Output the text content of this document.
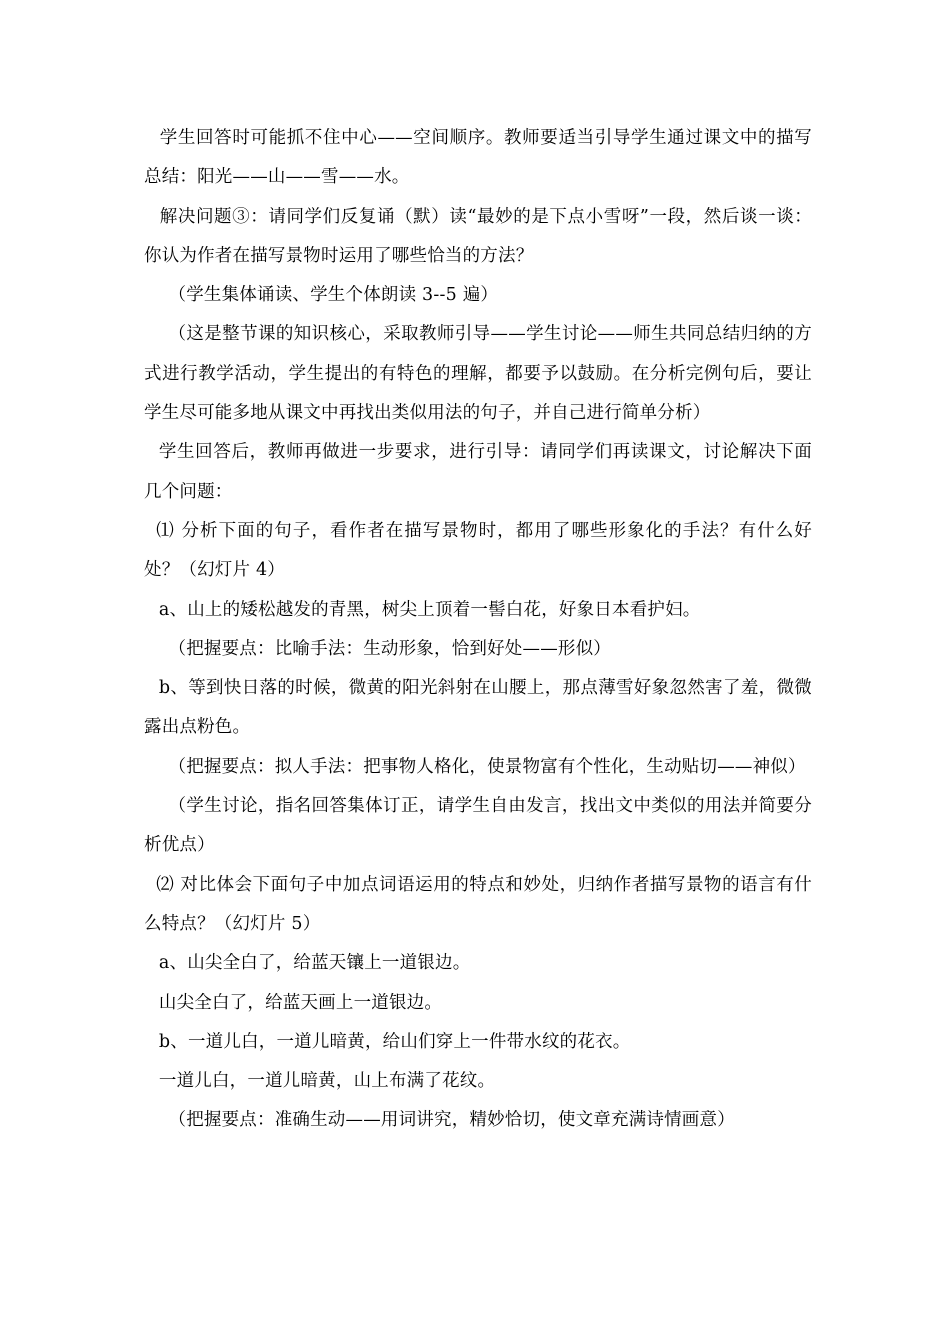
学生回答时可能抓不住中心——空间顺序。教师要适当引导学生通过课文中的描写总结：阳光——山——雪——水。

解决问题③：请同学们反复诵（默）读“最妙的是下点小雪呀”一段，然后谈一谈：你认为作者在描写景物时运用了哪些恰当的方法？

（学生集体诵读、学生个体朗读 3--5 遍）

（这是整节课的知识核心，采取教师引导——学生讨论——师生共同总结归纳的方式进行教学活动，学生提出的有特色的理解，都要予以鼓励。在分析完例句后，要让学生尽可能多地从课文中再找出类似用法的句子，并自己进行简单分析）

学生回答后，教师再做进一步要求，进行引导：请同学们再读课文，讨论解决下面几个问题：

⑴ 分析下面的句子，看作者在描写景物时，都用了哪些形象化的手法？有什么好处？（幻灯片 4）

a、山上的矮松越发的青黑，树尖上顶着一髻白花，好象日本看护妇。

（把握要点：比喻手法：生动形象，恰到好处——形似）

b、等到快日落的时候，微黄的阳光斜射在山腰上，那点薄雪好象忽然害了羞，微微露出点粉色。

（把握要点：拟人手法：把事物人格化，使景物富有个性化，生动贴切——神似）

（学生讨论，指名回答集体订正，请学生自由发言，找出文中类似的用法并简要分析优点）

⑵ 对比体会下面句子中加点词语运用的特点和妙处，归纳作者描写景物的语言有什么特点？（幻灯片 5）

a、山尖全白了，给蓝天镶上一道银边。

山尖全白了，给蓝天画上一道银边。

b、一道儿白，一道儿暗黄，给山们穿上一件带水纹的花衣。

一道儿白，一道儿暗黄，山上布满了花纹。

（把握要点：准确生动——用词讲究，精妙恰切，使文章充满诗情画意）
